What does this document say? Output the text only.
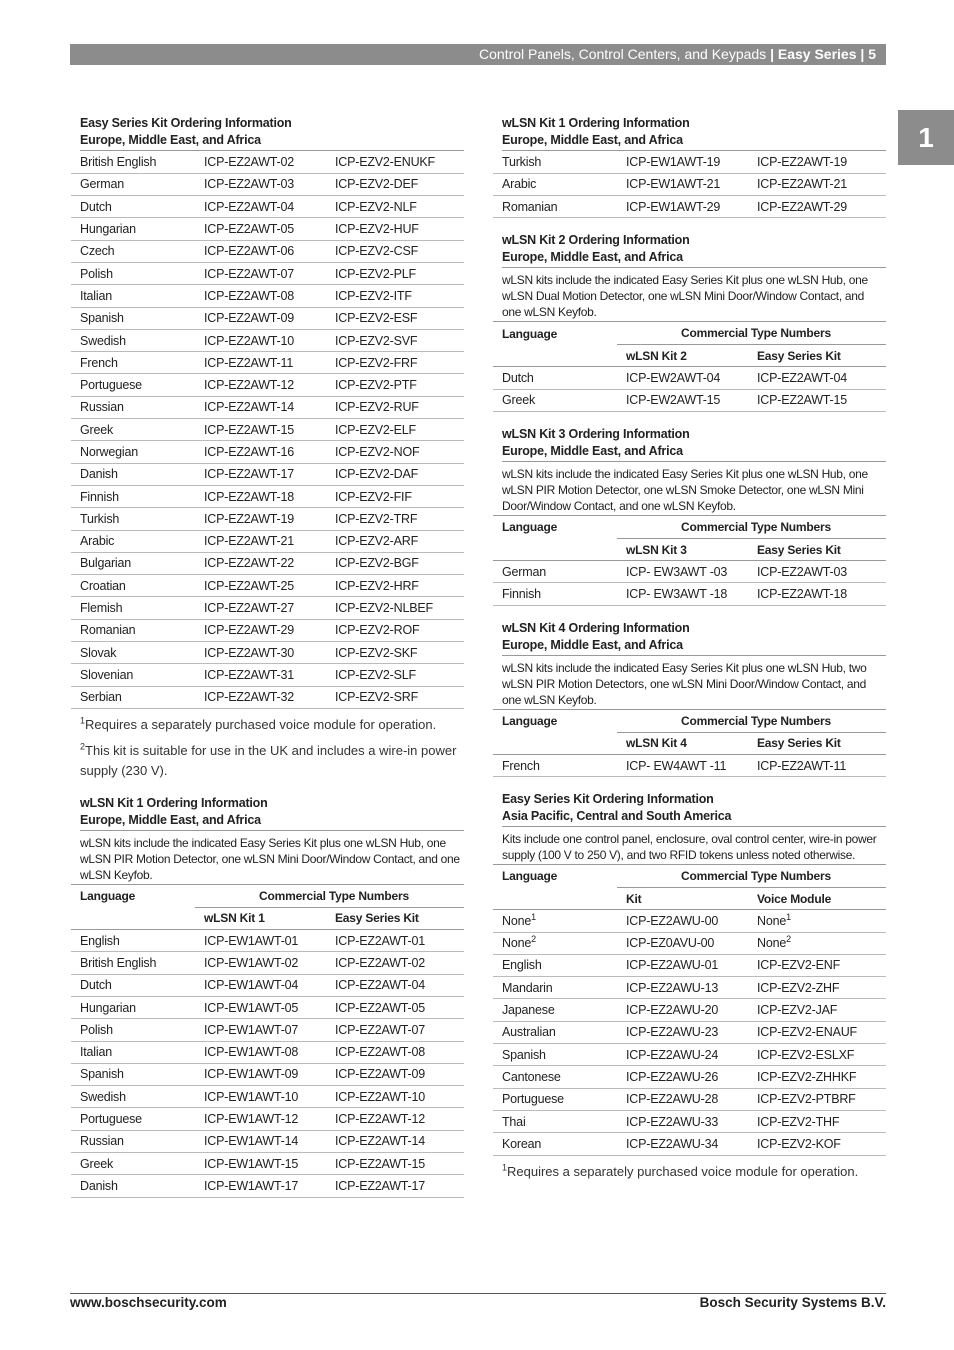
Control Panels, Control Centers, and Keypads | Easy Series | 5
1
Easy Series Kit Ordering Information
Europe, Middle East, and Africa
British English	ICP-EZ2AWT-02	ICP-EZV2-ENUKF
German	ICP-EZ2AWT-03	ICP-EZV2-DEF
Dutch	ICP-EZ2AWT-04	ICP-EZV2-NLF
Hungarian	ICP-EZ2AWT-05	ICP-EZV2-HUF
Czech	ICP-EZ2AWT-06	ICP-EZV2-CSF
Polish	ICP-EZ2AWT-07	ICP-EZV2-PLF
Italian	ICP-EZ2AWT-08	ICP-EZV2-ITF
Spanish	ICP-EZ2AWT-09	ICP-EZV2-ESF
Swedish	ICP-EZ2AWT-10	ICP-EZV2-SVF
French	ICP-EZ2AWT-11	ICP-EZV2-FRF
Portuguese	ICP-EZ2AWT-12	ICP-EZV2-PTF
Russian	ICP-EZ2AWT-14	ICP-EZV2-RUF
Greek	ICP-EZ2AWT-15	ICP-EZV2-ELF
Norwegian	ICP-EZ2AWT-16	ICP-EZV2-NOF
Danish	ICP-EZ2AWT-17	ICP-EZV2-DAF
Finnish	ICP-EZ2AWT-18	ICP-EZV2-FIF
Turkish	ICP-EZ2AWT-19	ICP-EZV2-TRF
Arabic	ICP-EZ2AWT-21	ICP-EZV2-ARF
Bulgarian	ICP-EZ2AWT-22	ICP-EZV2-BGF
Croatian	ICP-EZ2AWT-25	ICP-EZV2-HRF
Flemish	ICP-EZ2AWT-27	ICP-EZV2-NLBEF
Romanian	ICP-EZ2AWT-29	ICP-EZV2-ROF
Slovak	ICP-EZ2AWT-30	ICP-EZV2-SKF
Slovenian	ICP-EZ2AWT-31	ICP-EZV2-SLF
Serbian	ICP-EZ2AWT-32	ICP-EZV2-SRF
$^1$Requires a separately purchased voice module for operation.
$^2$This kit is suitable for use in the UK and includes a wire-in power supply (230 V).
wLSN Kit 1 Ordering Information
Europe, Middle East, and Africa
wLSN kits include the indicated Easy Series Kit plus one wLSN Hub, one wLSN PIR Motion Detector, one wLSN Mini Door/Window Contact, and one wLSN Keyfob.
Language	Commercial Type Numbers	
	wLSN Kit 1	Easy Series Kit
English	ICP-EW1AWT-01	ICP-EZ2AWT-01
British English	ICP-EW1AWT-02	ICP-EZ2AWT-02
Dutch	ICP-EW1AWT-04	ICP-EZ2AWT-04
Hungarian	ICP-EW1AWT-05	ICP-EZ2AWT-05
Polish	ICP-EW1AWT-07	ICP-EZ2AWT-07
Italian	ICP-EW1AWT-08	ICP-EZ2AWT-08
Spanish	ICP-EW1AWT-09	ICP-EZ2AWT-09
Swedish	ICP-EW1AWT-10	ICP-EZ2AWT-10
Portuguese	ICP-EW1AWT-12	ICP-EZ2AWT-12
Russian	ICP-EW1AWT-14	ICP-EZ2AWT-14
Greek	ICP-EW1AWT-15	ICP-EZ2AWT-15
Danish	ICP-EW1AWT-17	ICP-EZ2AWT-17
wLSN Kit 1 Ordering Information
Europe, Middle East, and Africa
Turkish	ICP-EW1AWT-19	ICP-EZ2AWT-19
Arabic	ICP-EW1AWT-21	ICP-EZ2AWT-21
Romanian	ICP-EW1AWT-29	ICP-EZ2AWT-29
wLSN Kit 2 Ordering Information
Europe, Middle East, and Africa
wLSN kits include the indicated Easy Series Kit plus one wLSN Hub, one wLSN Dual Motion Detector, one wLSN Mini Door/Window Contact, and one wLSN Keyfob.
Language	Commercial Type Numbers	
	wLSN Kit 2	Easy Series Kit
Dutch	ICP-EW2AWT-04	ICP-EZ2AWT-04
Greek	ICP-EW2AWT-15	ICP-EZ2AWT-15
wLSN Kit 3 Ordering Information
Europe, Middle East, and Africa
wLSN kits include the indicated Easy Series Kit plus one wLSN Hub, one wLSN PIR Motion Detector, one wLSN Smoke Detector, one wLSN Mini Door/Window Contact, and one wLSN Keyfob.
Language	Commercial Type Numbers	
	wLSN Kit 3	Easy Series Kit
German	ICP- EW3AWT -03	ICP-EZ2AWT-03
Finnish	ICP- EW3AWT -18	ICP-EZ2AWT-18
wLSN Kit 4 Ordering Information
Europe, Middle East, and Africa
wLSN kits include the indicated Easy Series Kit plus one wLSN Hub, two wLSN PIR Motion Detectors, one wLSN Mini Door/Window Contact, and one wLSN Keyfob.
Language	Commercial Type Numbers	
	wLSN Kit 4	Easy Series Kit
French	ICP- EW4AWT -11	ICP-EZ2AWT-11
Easy Series Kit Ordering Information
Asia Pacific, Central and South America
Kits include one control panel, enclosure, oval control center, wire-in power supply (100 V to 250 V), and two RFID tokens unless noted otherwise.
Language	Commercial Type Numbers	
	Kit	Voice Module
None$^1$	ICP-EZ2AWU-00	None$^1$
None$^2$	ICP-EZ0AVU-00	None$^2$
English	ICP-EZ2AWU-01	ICP-EZV2-ENF
Mandarin	ICP-EZ2AWU-13	ICP-EZV2-ZHF
Japanese	ICP-EZ2AWU-20	ICP-EZV2-JAF
Australian	ICP-EZ2AWU-23	ICP-EZV2-ENAUF
Spanish	ICP-EZ2AWU-24	ICP-EZV2-ESLXF
Cantonese	ICP-EZ2AWU-26	ICP-EZV2-ZHHKF
Portuguese	ICP-EZ2AWU-28	ICP-EZV2-PTBRF
Thai	ICP-EZ2AWU-33	ICP-EZV2-THF
Korean	ICP-EZ2AWU-34	ICP-EZV2-KOF
$^1$Requires a separately purchased voice module for operation.
www.boschsecurity.com	Bosch Security Systems B.V.
